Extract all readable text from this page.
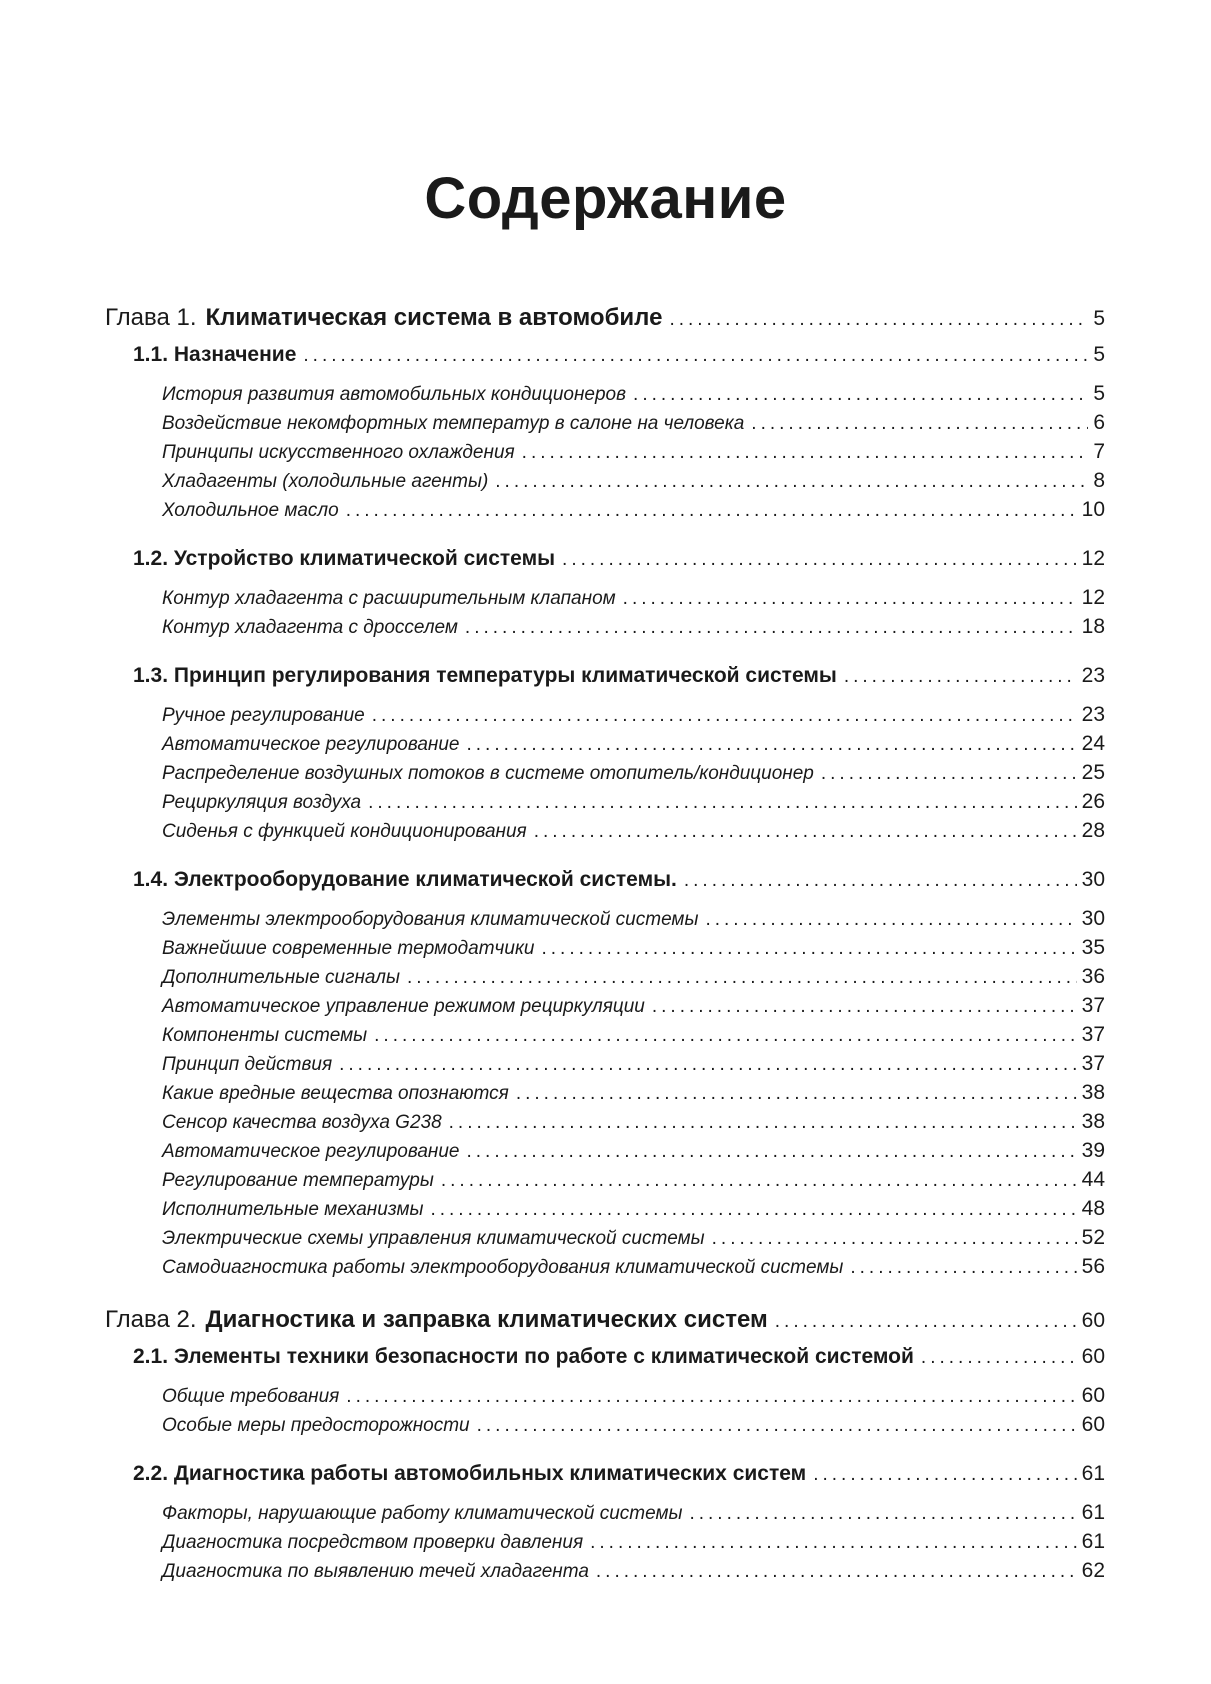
Содержание
Глава 1. Климатическая система в автомобиле .....	5
1.1. Назначение .....	5
История развития автомобильных кондиционеров .....	5
Воздействие некомфортных температур в салоне на человека .....	6
Принципы искусственного охлаждения .....	7
Хладагенты (холодильные агенты) .....	8
Холодильное масло .....	10
1.2. Устройство климатической системы .....	12
Контур хладагента с расширительным клапаном .....	12
Контур хладагента с дросселем .....	18
1.3. Принцип регулирования температуры климатической системы .....	23
Ручное регулирование .....	23
Автоматическое регулирование .....	24
Распределение воздушных потоков в системе отопитель/кондиционер .....	25
Рециркуляция воздуха .....	26
Сиденья с функцией кондиционирования .....	28
1.4. Электрооборудование климатической системы. .....	30
Элементы электрооборудования климатической системы .....	30
Важнейшие современные термодатчики .....	35
Дополнительные сигналы .....	36
Автоматическое управление режимом рециркуляции .....	37
Компоненты системы .....	37
Принцип действия .....	37
Какие вредные вещества опознаются .....	38
Сенсор качества воздуха G238 .....	38
Автоматическое регулирование .....	39
Регулирование температуры .....	44
Исполнительные механизмы .....	48
Электрические схемы управления климатической системы .....	52
Самодиагностика работы электрооборудования климатической системы .....	56
Глава 2. Диагностика и заправка климатических систем .....	60
2.1. Элементы техники безопасности по работе с климатической системой .....	60
Общие требования .....	60
Особые меры предосторожности .....	60
2.2. Диагностика работы автомобильных климатических систем .....	61
Факторы, нарушающие работу климатической системы .....	61
Диагностика посредством проверки давления .....	61
Диагностика по выявлению течей хладагента .....	62
